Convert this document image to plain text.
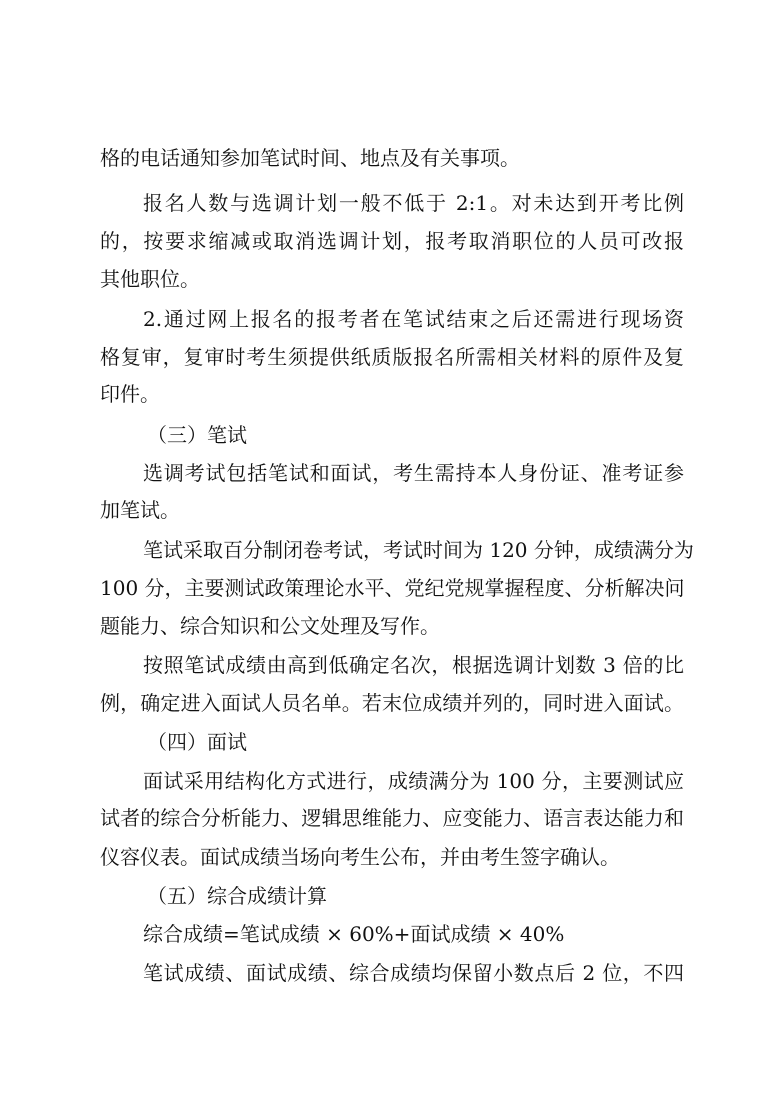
格的电话通知参加笔试时间、地点及有关事项。
报名人数与选调计划一般不低于 2:1。对未达到开考比例
的，按要求缩减或取消选调计划，报考取消职位的人员可改报
其他职位。
2.通过网上报名的报考者在笔试结束之后还需进行现场资
格复审，复审时考生须提供纸质版报名所需相关材料的原件及复
印件。
（三）笔试
选调考试包括笔试和面试，考生需持本人身份证、准考证参
加笔试。
笔试采取百分制闭卷考试，考试时间为 120 分钟，成绩满分为
100 分，主要测试政策理论水平、党纪党规掌握程度、分析解决问
题能力、综合知识和公文处理及写作。
按照笔试成绩由高到低确定名次，根据选调计划数 3 倍的比
例，确定进入面试人员名单。若末位成绩并列的，同时进入面试。
（四）面试
面试采用结构化方式进行，成绩满分为 100 分，主要测试应
试者的综合分析能力、逻辑思维能力、应变能力、语言表达能力和
仪容仪表。面试成绩当场向考生公布，并由考生签字确认。
（五）综合成绩计算
综合成绩=笔试成绩 × 60%+面试成绩 × 40%
笔试成绩、面试成绩、综合成绩均保留小数点后 2 位，不四
